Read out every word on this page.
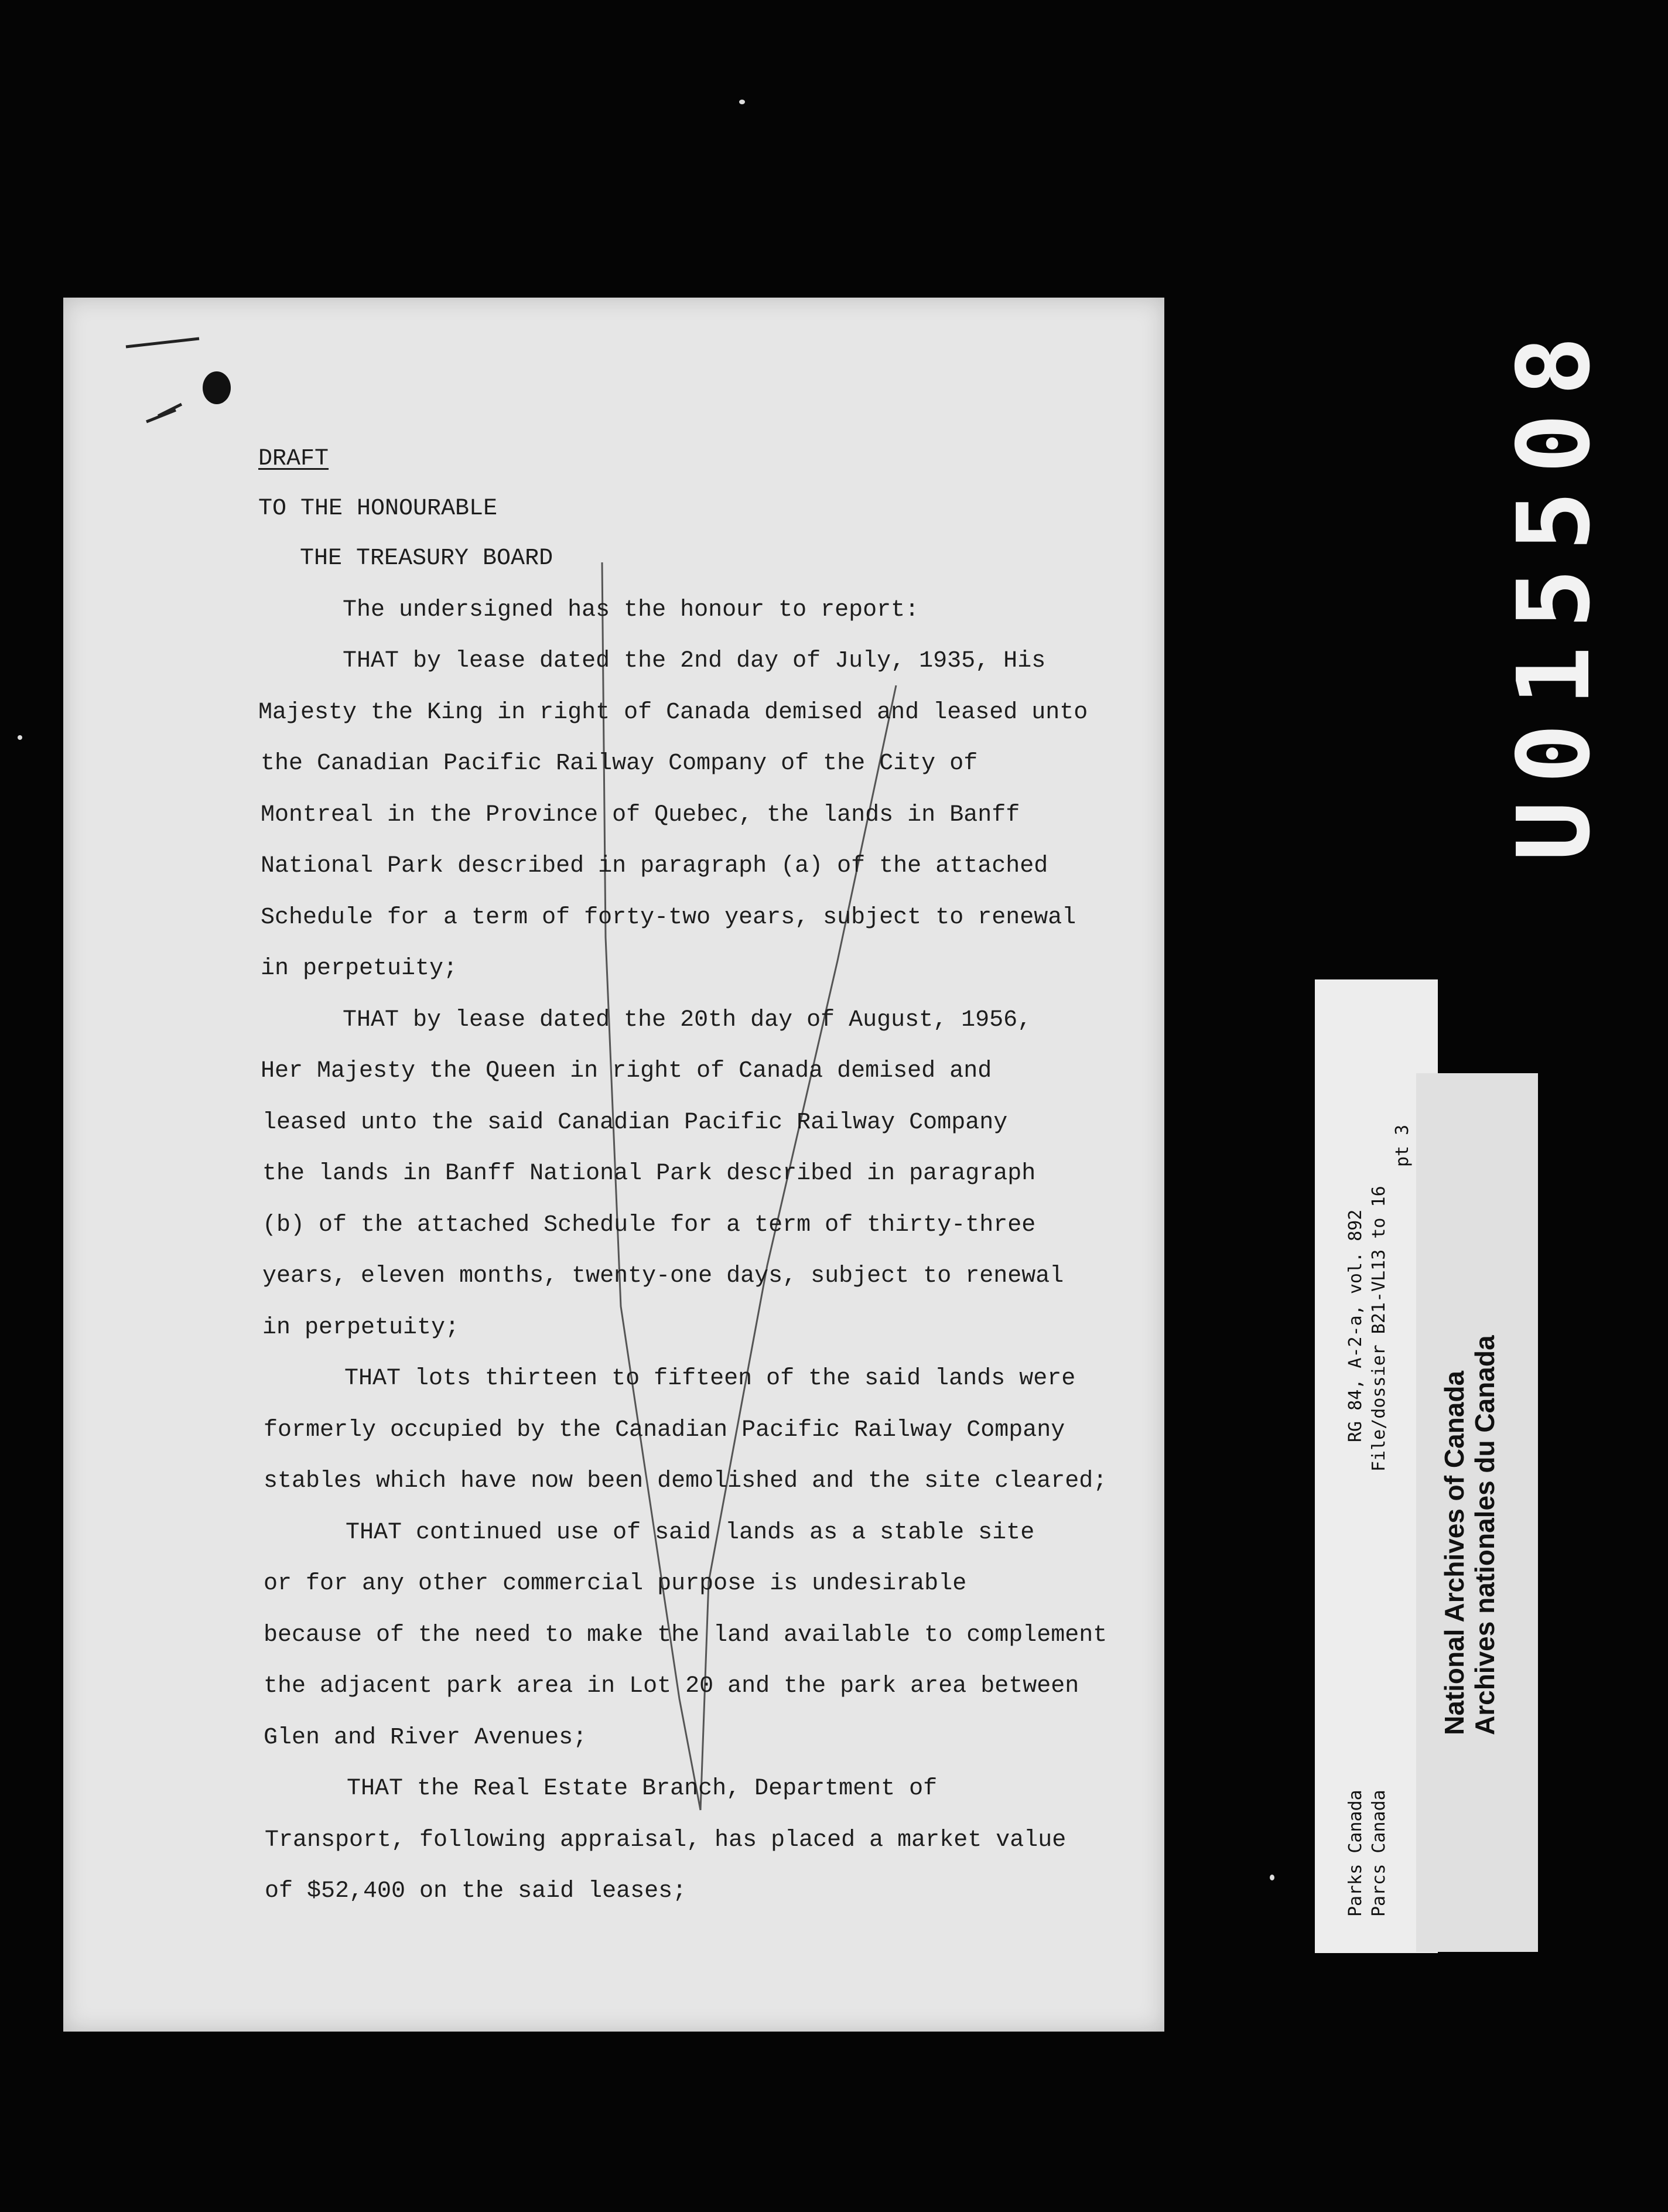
DRAFT

TO THE HONOURABLE

THE TREASURY BOARD

The undersigned has the honour to report:

THAT by lease dated the 2nd day of July, 1935, His

Majesty the King in right of Canada demised and leased unto

the Canadian Pacific Railway Company of the City of

Montreal in the Province of Quebec, the lands in Banff

National Park described in paragraph (a) of the attached

Schedule for a term of forty-two years, subject to renewal

in perpetuity;

THAT by lease dated the 20th day of August, 1956,

Her Majesty the Queen in right of Canada demised and

leased unto the said Canadian Pacific Railway Company

the lands in Banff National Park described in paragraph

(b) of the attached Schedule for a term of thirty-three

years, eleven months, twenty-one days, subject to renewal

in perpetuity;

THAT lots thirteen to fifteen of the said lands were

formerly occupied by the Canadian Pacific Railway Company

stables which have now been demolished and the site cleared;

THAT continued use of said lands as a stable site

or for any other commercial purpose is undesirable

because of the need to make the land available to complement

the adjacent park area in Lot 20 and the park area between

Glen and River Avenues;

THAT the Real Estate Branch, Department of

Transport, following appraisal, has placed a market value

of $52,400 on the said leases;

U015508

RG 84, A-2-a, vol. 892 File/dossier B21-VL13 to 16

pt 3

Parks Canada Parcs Canada

National Archives of Canada Archives nationales du Canada
